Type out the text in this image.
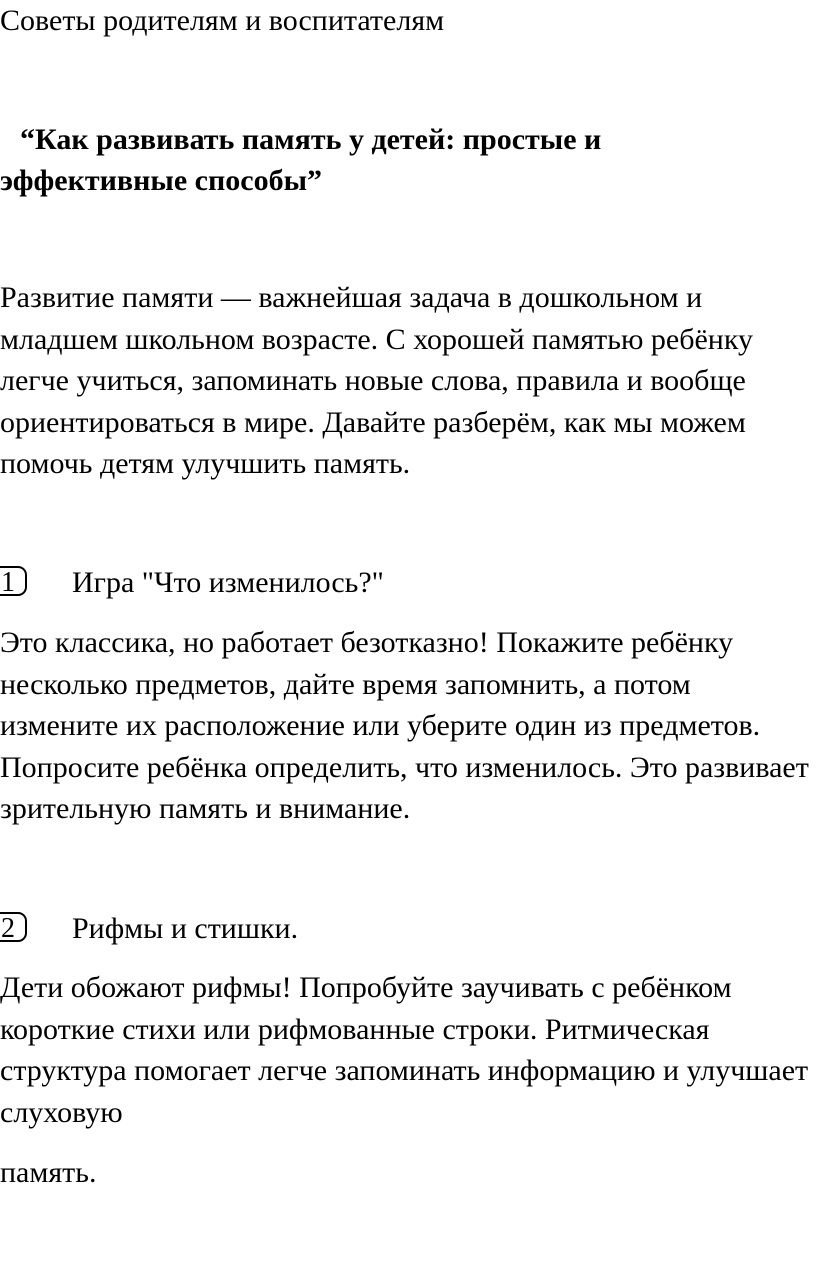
Советы родителям и воспитателям
“Как развивать память у детей: простые и эффективные способы”

Развитие памяти — важнейшая задача в дошкольном и младшем школьном возрасте. С хорошей памятью ребёнку легче учиться, запоминать новые слова, правила и вообще ориентироваться в мире. Давайте разберём, как мы можем помочь детям улучшить память.

1	Игра "Что изменилось?"

Это классика, но работает безотказно! Покажите ребёнку несколько предметов, дайте время запомнить, а потом измените их расположение или уберите один из предметов. Попросите ребёнка определить, что изменилось. Это развивает зрительную память и внимание.

2	Рифмы и стишки.

Дети обожают рифмы! Попробуйте заучивать с ребёнком короткие стихи или рифмованные строки. Ритмическая структура помогает легче запоминать информацию и улучшает слуховую

память.
